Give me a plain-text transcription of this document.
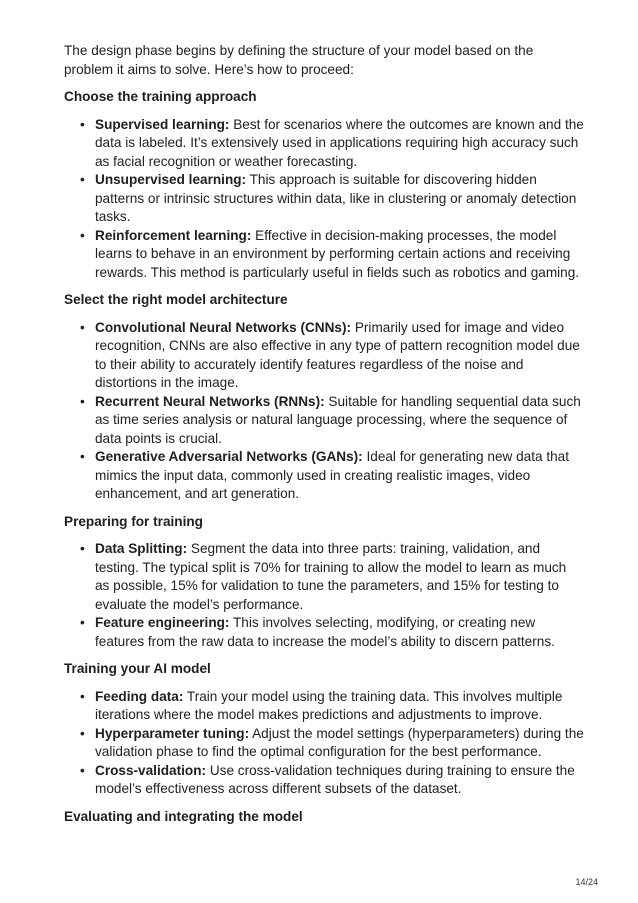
The design phase begins by defining the structure of your model based on the problem it aims to solve. Here’s how to proceed:

Choose the training approach
• Supervised learning: Best for scenarios where the outcomes are known and the data is labeled. It’s extensively used in applications requiring high accuracy such as facial recognition or weather forecasting.
• Unsupervised learning: This approach is suitable for discovering hidden patterns or intrinsic structures within data, like in clustering or anomaly detection tasks.
• Reinforcement learning: Effective in decision-making processes, the model learns to behave in an environment by performing certain actions and receiving rewards. This method is particularly useful in fields such as robotics and gaming.
Select the right model architecture
• Convolutional Neural Networks (CNNs): Primarily used for image and video recognition, CNNs are also effective in any type of pattern recognition model due to their ability to accurately identify features regardless of the noise and distortions in the image.
• Recurrent Neural Networks (RNNs): Suitable for handling sequential data such as time series analysis or natural language processing, where the sequence of data points is crucial.
• Generative Adversarial Networks (GANs): Ideal for generating new data that mimics the input data, commonly used in creating realistic images, video enhancement, and art generation.
Preparing for training
• Data Splitting: Segment the data into three parts: training, validation, and testing. The typical split is 70% for training to allow the model to learn as much as possible, 15% for validation to tune the parameters, and 15% for testing to evaluate the model’s performance.
• Feature engineering: This involves selecting, modifying, or creating new features from the raw data to increase the model’s ability to discern patterns.
Training your AI model
• Feeding data: Train your model using the training data. This involves multiple iterations where the model makes predictions and adjustments to improve.
• Hyperparameter tuning: Adjust the model settings (hyperparameters) during the validation phase to find the optimal configuration for the best performance.
• Cross-validation: Use cross-validation techniques during training to ensure the model’s effectiveness across different subsets of the dataset.
Evaluating and integrating the model
14/24
